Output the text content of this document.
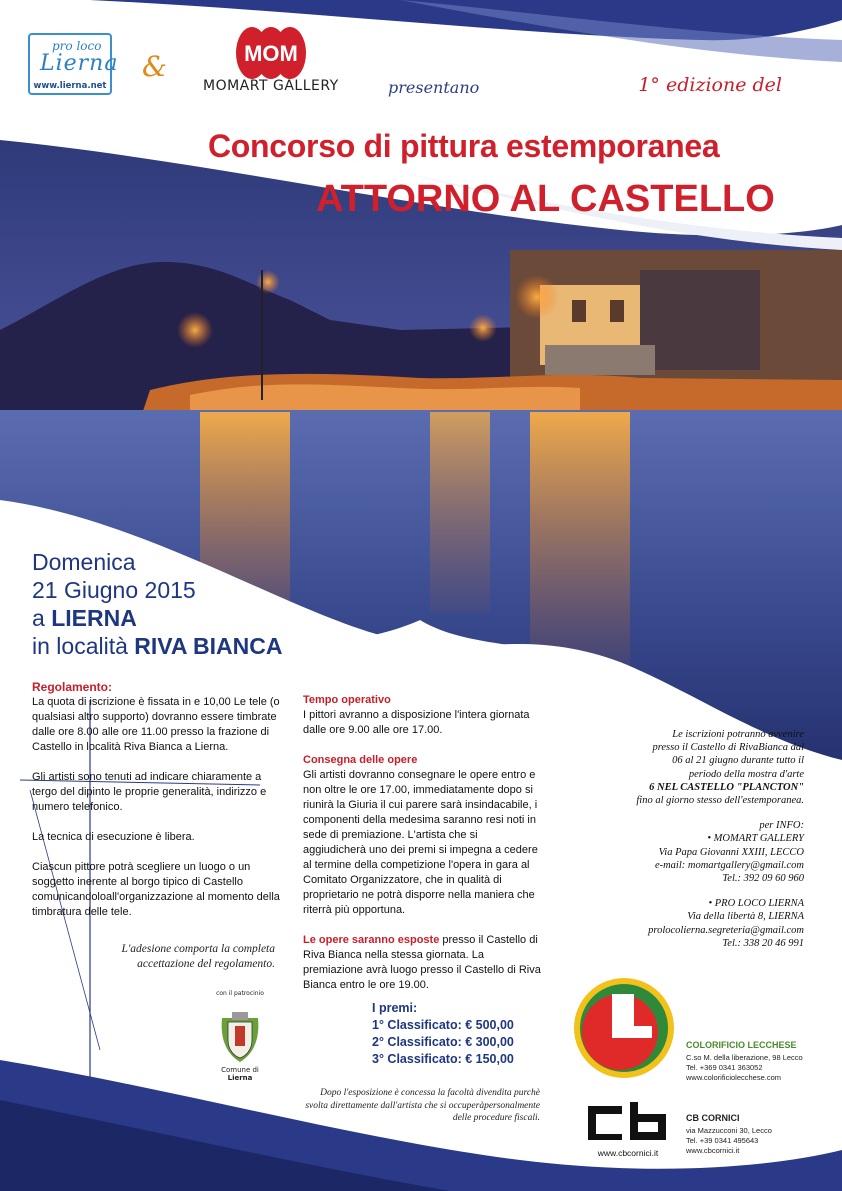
pro loco
Lierna
www.lierna.net
&	MOM
MOMART GALLERY	presentano	1° edizione del
Concorso di pittura estemporanea
ATTORNO AL CASTELLO
Domenica
21 Giugno 2015
a LIERNA
in località RIVA BIANCA
Regolamento:
La quota di iscrizione è fissata in e 10,00 Le tele (o qualsiasi altro supporto) dovranno essere timbrate dalle ore 8.00 alle ore 11.00 presso la frazione di Castello in località Riva Bianca a Lierna.
Gli artisti sono tenuti ad indicare chiaramente a tergo del dipinto le proprie generalità, indirizzo e numero telefonico.
La tecnica di esecuzione è libera.
Ciascun pittore potrà scegliere un luogo o un soggetto inerente al borgo tipico di Castello comunicandoloall'organizzazione al momento della timbratura delle tele.
L'adesione comporta la completa accettazione del regolamento.
Tempo operativo
I pittori avranno a disposizione l'intera giornata dalle ore 9.00 alle ore 17.00.
Consegna delle opere
Gli artisti dovranno consegnare le opere entro e non oltre le ore 17.00, immediatamente dopo si riunirà la Giuria il cui parere sarà insindacabile, i componenti della medesima saranno resi noti in sede di premiazione. L'artista che si aggiudicherà uno dei premi si impegna a cedere al termine della competizione l'opera in gara al Comitato Organizzatore, che in qualità di proprietario ne potrà disporre nella maniera che riterrà più opportuna.
Le opere saranno esposte presso il Castello di Riva Bianca nella stessa giornata. La premiazione avrà luogo presso il Castello di Riva Bianca entro le ore 19.00.
I premi:
1° Classificato: € 500,00
2° Classificato: € 300,00
3° Classificato: € 150,00
Dopo l'esposizione è concessa la facoltà divendita purchè svolta direttamente dall'artista che si occuperàpersonalmente delle procedure fiscali.
Le iscrizioni potranno avvenire
presso il Castello di RivaBianca dal
06 al 21 giugno durante tutto il
periodo della mostra d'arte
6 NEL CASTELLO "PLANCTON"
fino al giorno stesso dell'estemporanea.
per INFO:
• MOMART GALLERY
Via Papa Giovanni XXIII, LECCO
e-mail: momartgallery@gmail.com
Tel.: 392 09 60 960
• PRO LOCO LIERNA
Via della libertà 8, LIERNA
prolocolierna.segreteria@gmail.com
Tel.: 338 20 46 991
con il patrocinio
Comune di
Lierna
COLORIFICIO LECCHESE
C.so M. della liberazione, 98 Lecco
Tel. +369 0341 363052
www.colorificiolecchese.com
www.cbcornici.it
CB CORNICI
via Mazzucconi 30, Lecco
Tel. +39 0341 495643
www.cbcornici.it
